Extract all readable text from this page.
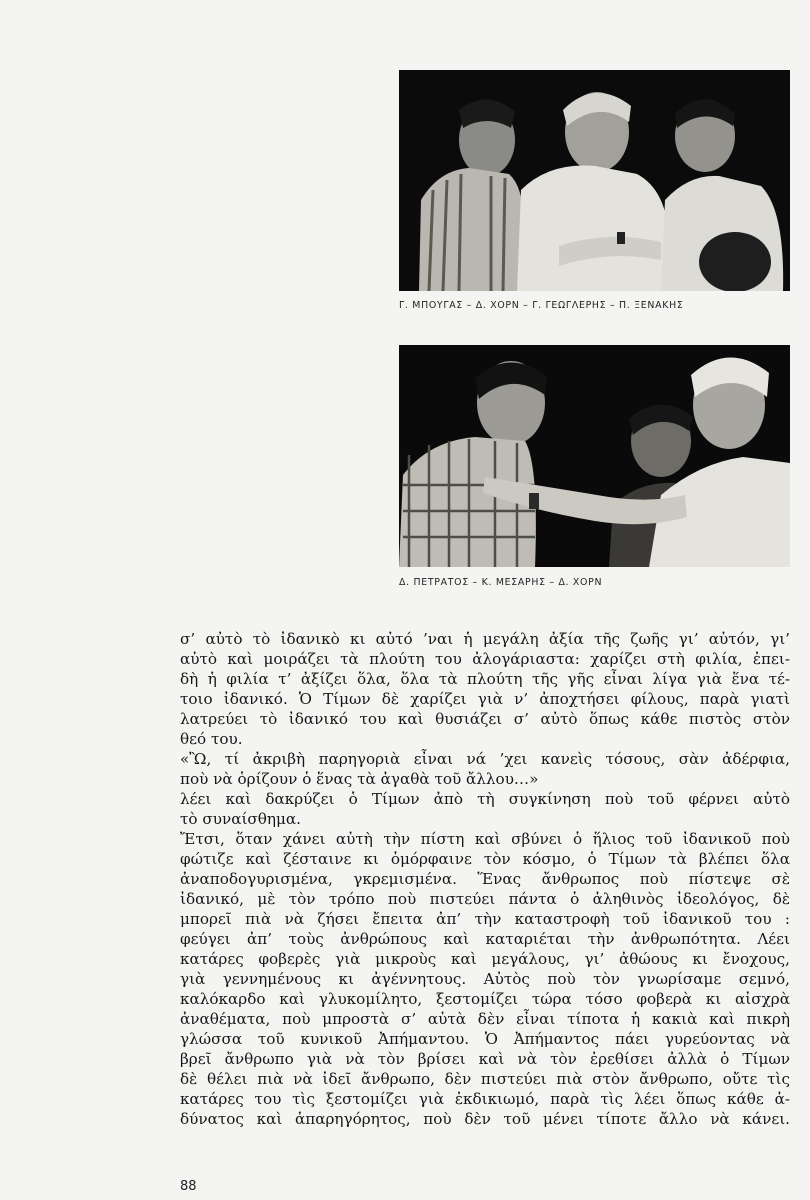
Γ. ΜΠΟΥΓΑΣ – Δ. ΧΟΡΝ – Γ. ΓΕΩΓΛΕΡΗΣ – Π. ΞΕΝΑΚΗΣ
Δ. ΠΕΤΡΑΤΟΣ – Κ. ΜΕΣΑΡΗΣ – Δ. ΧΟΡΝ
σ’ αὐτὸ τὸ ἰδανικὸ κι αὐτό ’ναι ἡ μεγάλη ἀξία τῆς ζωῆς γι’ αὐτόν, γι’
αὐτὸ καὶ μοιράζει τὰ πλούτη του ἀλογάριαστα: χαρίζει στὴ φιλία, ἐπει-
δὴ ἡ φιλία τ’ ἀξίζει ὅλα, ὅλα τὰ πλούτη τῆς γῆς εἶναι λίγα γιὰ ἕνα τέ-
τοιο ἰδανικό. Ὁ Τίμων δὲ χαρίζει γιὰ ν’ ἀποχτήσει φίλους, παρὰ γιατὶ
λατρεύει τὸ ἰδανικό του καὶ θυσιάζει σ’ αὐτὸ ὅπως κάθε πιστὸς στὸν
θεό του.
«Ὢ, τί ἀκριβὴ παρηγοριὰ εἶναι νά ’χει κανεὶς τόσους, σὰν ἀδέρφια,
ποὺ νὰ ὁρίζουν ὁ ἕνας τὰ ἀγαθὰ τοῦ ἄλλου…»
λέει καὶ δακρύζει ὁ Τίμων ἀπὸ τὴ συγκίνηση ποὺ τοῦ φέρνει αὐτὸ
τὸ συναίσθημα.
Ἔτσι, ὅταν χάνει αὐτὴ τὴν πίστη καὶ σβύνει ὁ ἥλιος τοῦ ἰδανικοῦ ποὺ
φώτιζε καὶ ζέσταινε κι ὀμόρφαινε τὸν κόσμο, ὁ Τίμων τὰ βλέπει ὅλα
ἀναποδογυρισμένα, γκρεμισμένα. Ἕνας ἄνθρωπος ποὺ πίστεψε σὲ
ἰδανικό, μὲ τὸν τρόπο ποὺ πιστεύει πάντα ὁ ἀληθινὸς ἰδεολόγος, δὲ
μπορεῖ πιὰ νὰ ζήσει ἔπειτα ἀπ’ τὴν καταστροφὴ τοῦ ἰδανικοῦ του :
φεύγει ἀπ’ τοὺς ἀνθρώπους καὶ καταριέται τὴν ἀνθρωπότητα. Λέει
κατάρες φοβερὲς γιὰ μικροὺς καὶ μεγάλους, γι’ ἀθώους κι ἔνοχους,
γιὰ γεννημένους κι ἀγέννητους. Αὐτὸς ποὺ τὸν γνωρίσαμε σεμνό,
καλόκαρδο καὶ γλυκομίλητο, ξεστομίζει τώρα τόσο φοβερὰ κι αἰσχρὰ
ἀναθέματα, ποὺ μπροστὰ σ’ αὐτὰ δὲν εἶναι τίποτα ἡ κακιὰ καὶ πικρὴ
γλώσσα τοῦ κυνικοῦ Ἀπήμαντου. Ὁ Ἀπήμαντος πάει γυρεύοντας νὰ
βρεῖ ἄνθρωπο γιὰ νὰ τὸν βρίσει καὶ νὰ τὸν ἐρεθίσει ἀλλὰ ὁ Τίμων
δὲ θέλει πιὰ νὰ ἰδεῖ ἄνθρωπο, δὲν πιστεύει πιὰ στὸν ἄνθρωπο, οὔτε τὶς
κατάρες του τὶς ξεστομίζει γιὰ ἐκδικιωμό, παρὰ τὶς λέει ὅπως κάθε ἀ-
δύνατος καὶ ἀπαρηγόρητος, ποὺ δὲν τοῦ μένει τίποτε ἄλλο νὰ κάνει.
88
